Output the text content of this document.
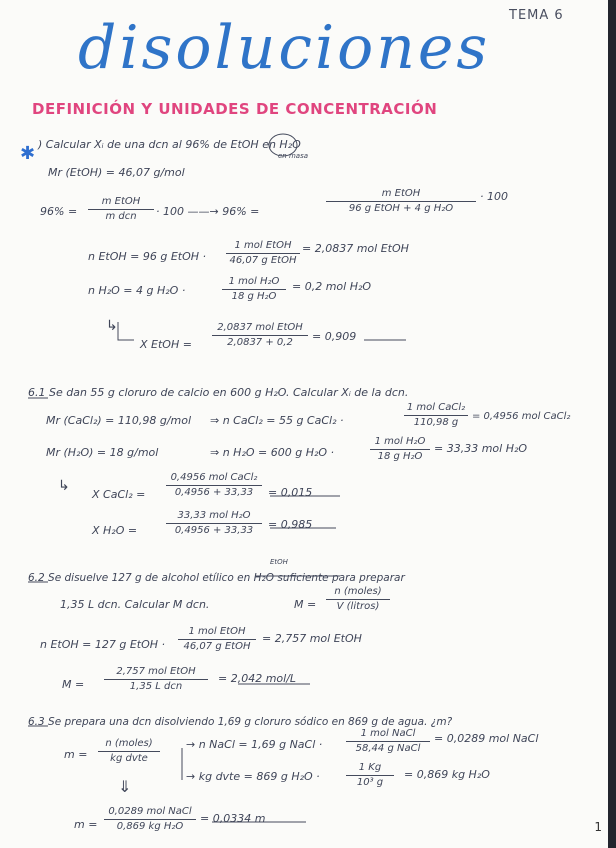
TEMA 6
disoluciones
DEFINICIÓN Y UNIDADES DE CONCENTRACIÓN
✱ ) Calcular Xᵢ de una dcn al 96% de EtOH en H₂O
en masa
Mr (EtOH) = 46,07 g/mol
96% =
m EtOH
m dcn	· 100 ——→ 96% =
m EtOH
96 g EtOH + 4 g H₂O
· 100
n EtOH = 96 g EtOH ·
1 mol EtOH
46,07 g EtOH
= 2,0837 mol EtOH
n H₂O = 4 g H₂O ·
1 mol H₂O
18 g H₂O
= 0,2 mol H₂O
↳
X EtOH =
2,0837 mol EtOH
2,0837 + 0,2	= 0,909
6.1 Se dan 55 g cloruro de calcio en 600 g H₂O. Calcular Xᵢ de la dcn.
Mr (CaCl₂) = 110,98 g/mol ⇒ n CaCl₂ = 55 g CaCl₂ ·
1 mol CaCl₂
110,98 g
= 0,4956 mol CaCl₂
Mr (H₂O) = 18 g/mol	⇒ n H₂O = 600 g H₂O ·
1 mol H₂O
18 g H₂O
= 33,33 mol H₂O
↳
X CaCl₂ =
0,4956 mol CaCl₂
0,4956 + 33,33	= 0,015
X H₂O =
33,33 mol H₂O
0,4956 + 33,33	= 0,985
EtOH
6.2 Se disuelve 127 g de alcohol etílico en H₂O suficiente para preparar
1,35 L dcn. Calcular M dcn.	M =
n (moles)
V (litros)
n EtOH = 127 g EtOH ·
1 mol EtOH
46,07 g EtOH
= 2,757 mol EtOH
M =
2,757 mol EtOH
1,35 L dcn
= 2,042 mol/L
6.3 Se prepara una dcn disolviendo 1,69 g cloruro sódico en 869 g de agua. ¿m?
m =
n (moles)
kg dvte
→ n NaCl = 1,69 g NaCl ·
1 mol NaCl
58,44 g NaCl
= 0,0289 mol NaCl
→ kg dvte = 869 g H₂O ·
1 Kg
10³ g
= 0,869 kg H₂O
⇓
m =
0,0289 mol NaCl
0,869 kg H₂O
= 0,0334 m
1
